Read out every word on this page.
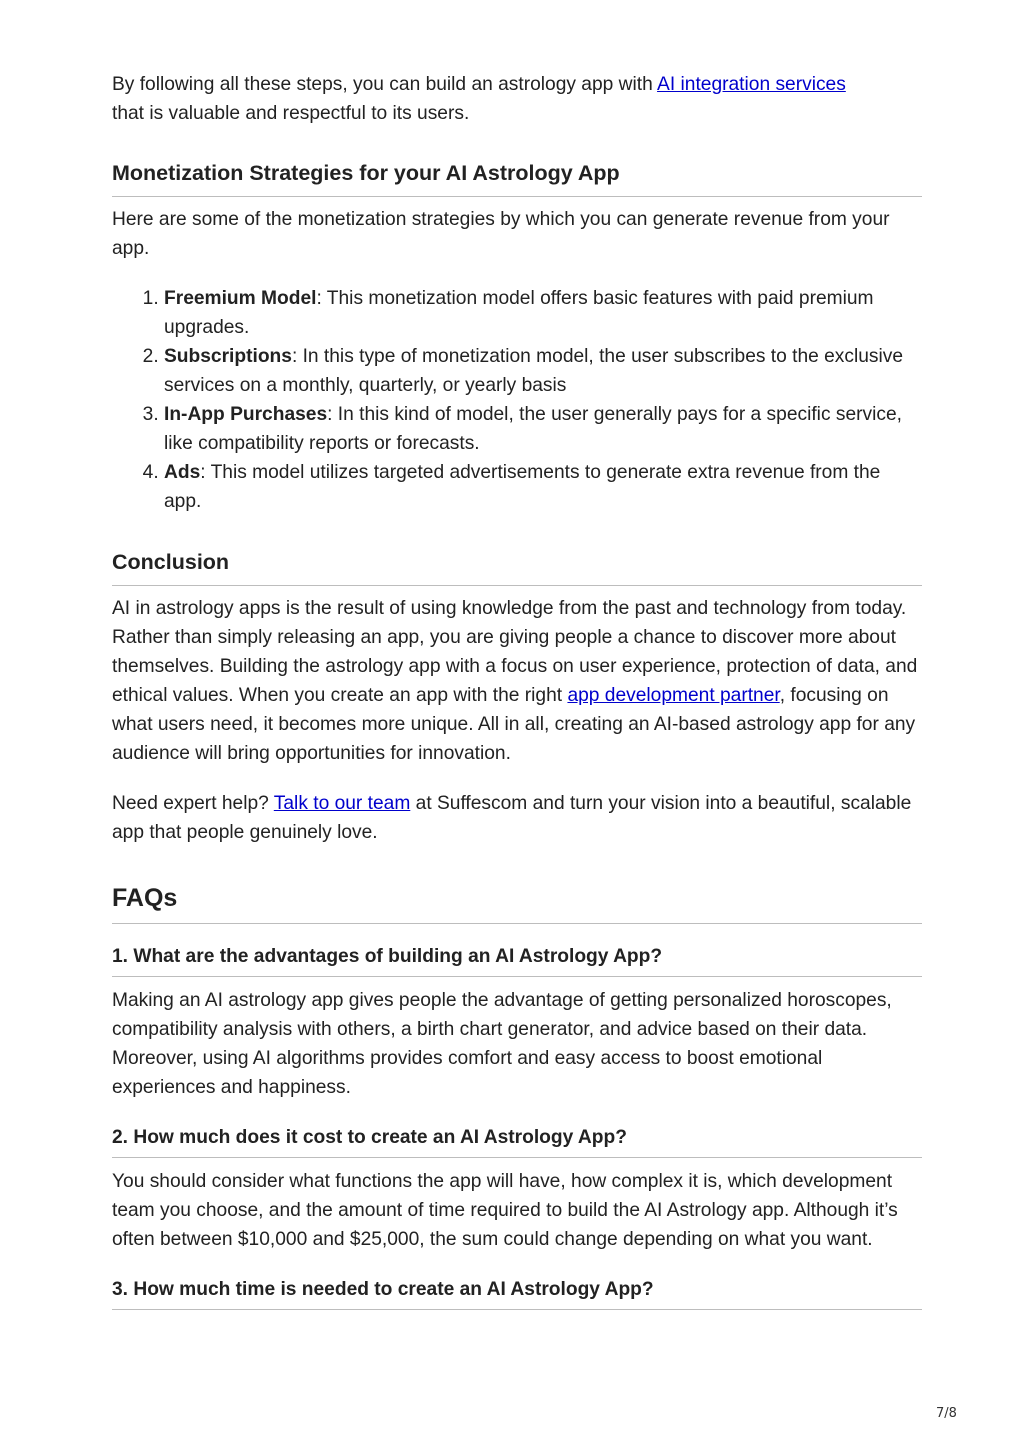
By following all these steps, you can build an astrology app with AI integration services
that is valuable and respectful to its users.

Monetization Strategies for your AI Astrology App

Here are some of the monetization strategies by which you can generate revenue from your app.

1. Freemium Model: This monetization model offers basic features with paid premium upgrades.
2. Subscriptions: In this type of monetization model, the user subscribes to the exclusive services on a monthly, quarterly, or yearly basis
3. In-App Purchases: In this kind of model, the user generally pays for a specific service, like compatibility reports or forecasts.
4. Ads: This model utilizes targeted advertisements to generate extra revenue from the app.
Conclusion

AI in astrology apps is the result of using knowledge from the past and technology from today. Rather than simply releasing an app, you are giving people a chance to discover more about themselves. Building the astrology app with a focus on user experience, protection of data, and ethical values. When you create an app with the right app development partner, focusing on what users need, it becomes more unique. All in all, creating an AI-based astrology app for any audience will bring opportunities for innovation.

Need expert help? Talk to our team at Suffescom and turn your vision into a beautiful, scalable app that people genuinely love.

FAQs
1. What are the advantages of building an AI Astrology App?

Making an AI astrology app gives people the advantage of getting personalized horoscopes, compatibility analysis with others, a birth chart generator, and advice based on their data. Moreover, using AI algorithms provides comfort and easy access to boost emotional experiences and happiness.

2. How much does it cost to create an AI Astrology App?

You should consider what functions the app will have, how complex it is, which development team you choose, and the amount of time required to build the AI Astrology app. Although it’s often between $10,000 and $25,000, the sum could change depending on what you want.

3. How much time is needed to create an AI Astrology App?

7/8
